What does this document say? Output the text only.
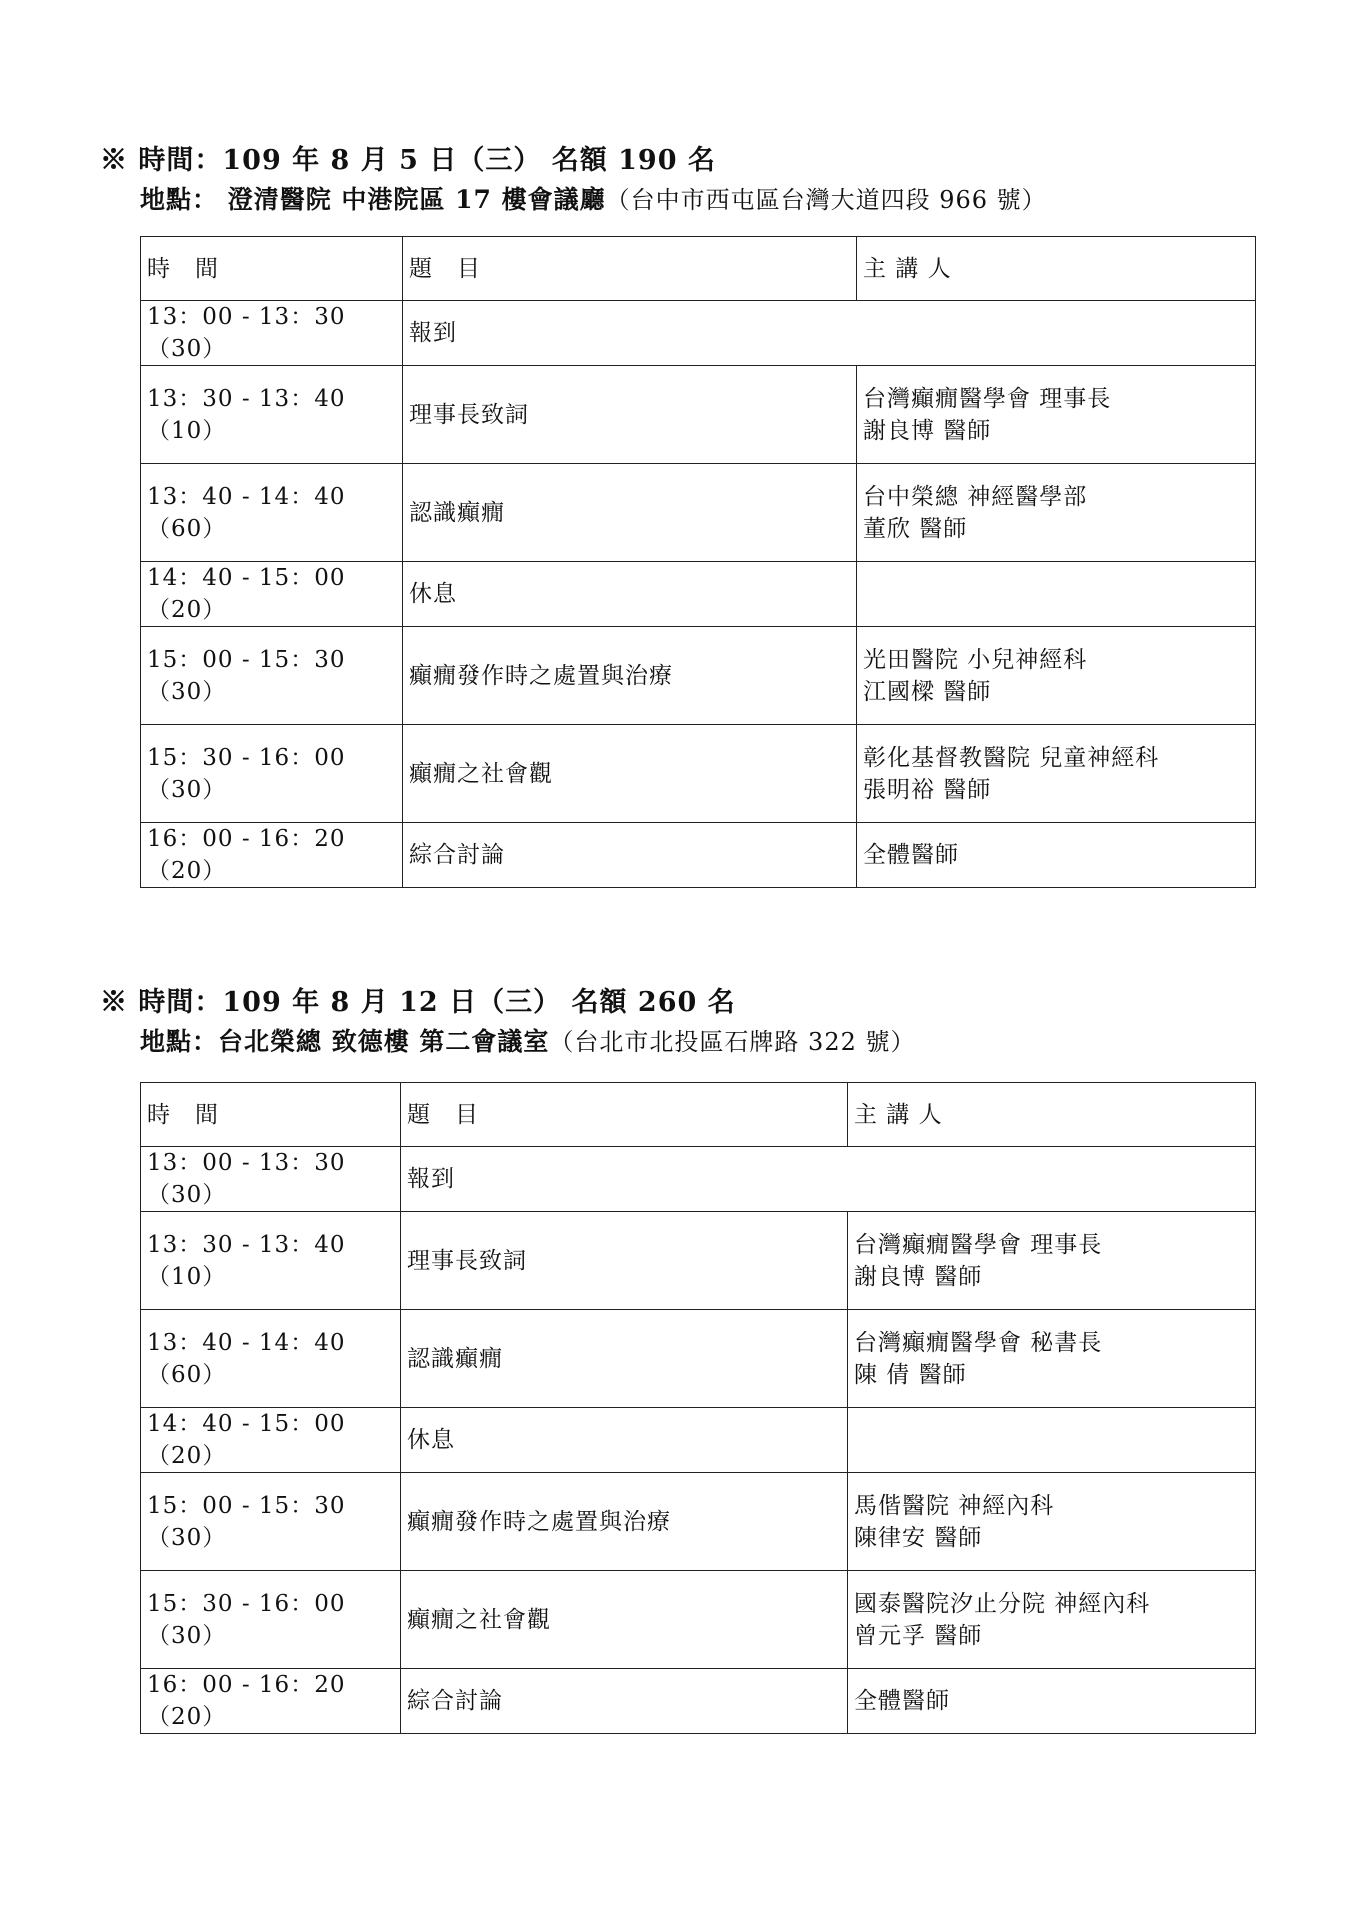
※ 時間：109 年 8 月 5 日（三） 名額 190 名
地點： 澄清醫院 中港院區 17 樓會議廳（台中市西屯區台灣大道四段 966 號）
時　間	題　目	主 講 人
13：00 - 13：30（30）	報到	
13：30 - 13：40（10）	理事長致詞	台灣癲癇醫學會 理事長
謝良博 醫師
13：40 - 14：40（60）	認識癲癇	台中榮總 神經醫學部
董欣 醫師
14：40 - 15：00（20）	休息	
15：00 - 15：30（30）	癲癇發作時之處置與治療	光田醫院 小兒神經科
江國樑 醫師
15：30 - 16：00（30）	癲癇之社會觀	彰化基督教醫院 兒童神經科
張明裕 醫師
16：00 - 16：20（20）	綜合討論	全體醫師
※ 時間：109 年 8 月 12 日（三） 名額 260 名
地點：台北榮總 致德樓 第二會議室（台北市北投區石牌路 322 號）
時　間	題　目	主 講 人
13：00 - 13：30（30）	報到	
13：30 - 13：40（10）	理事長致詞	台灣癲癇醫學會 理事長
謝良博 醫師
13：40 - 14：40（60）	認識癲癇	台灣癲癇醫學會 秘書長
陳 倩 醫師
14：40 - 15：00（20）	休息	
15：00 - 15：30（30）	癲癇發作時之處置與治療	馬偕醫院 神經內科
陳律安 醫師
15：30 - 16：00（30）	癲癇之社會觀	國泰醫院汐止分院 神經內科
曾元孚 醫師
16：00 - 16：20（20）	綜合討論	全體醫師
